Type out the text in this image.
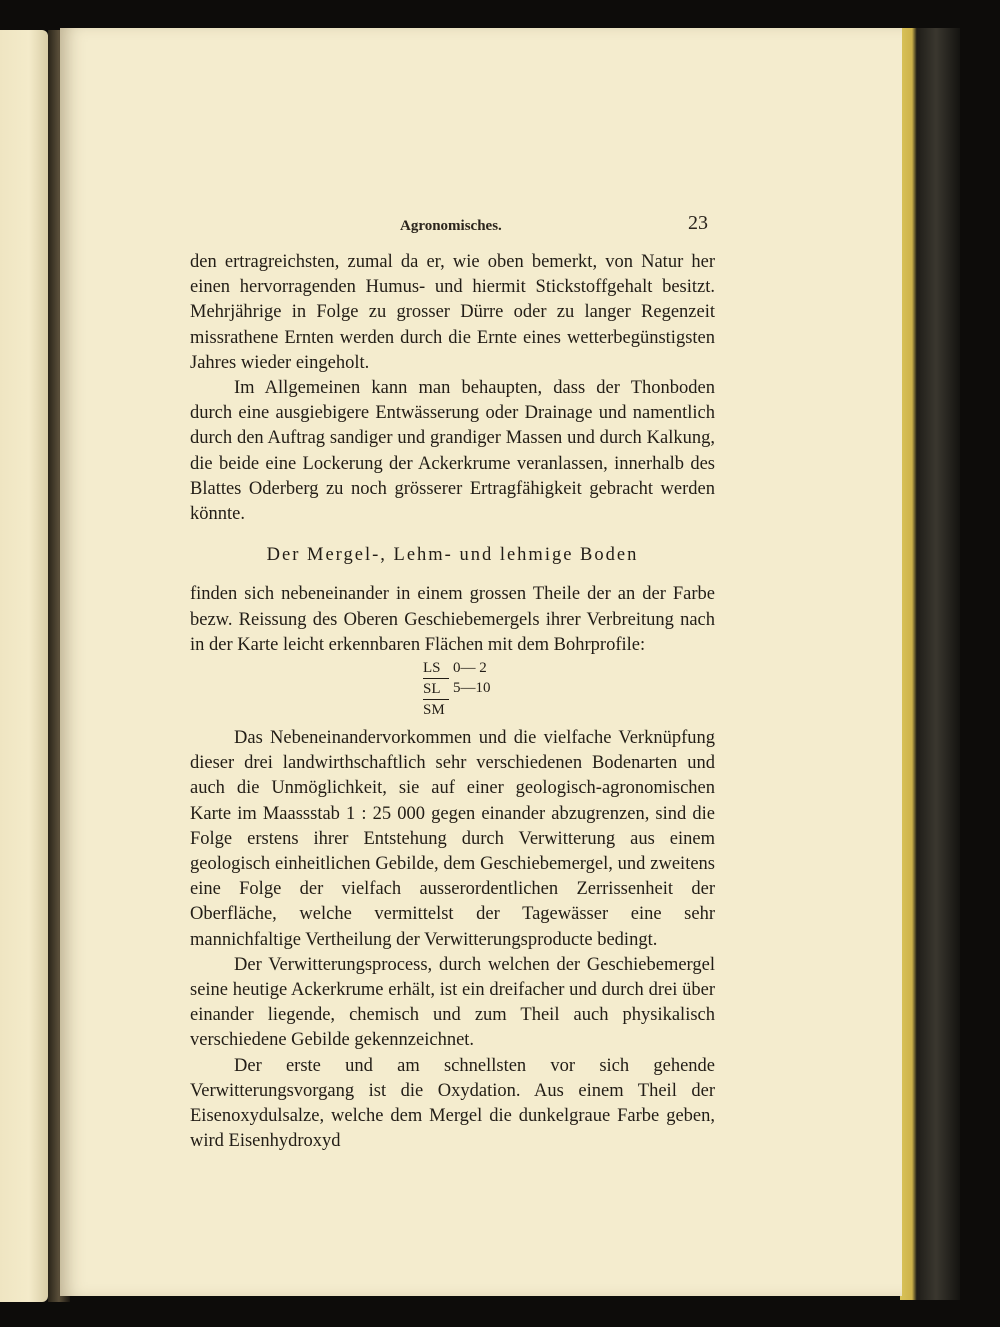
Agronomisches.	23

den ertragreichsten, zumal da er, wie oben bemerkt, von Natur her einen hervorragenden Humus- und hiermit Stickstoffgehalt besitzt. Mehrjährige in Folge zu grosser Dürre oder zu langer Regenzeit missrathene Ernten werden durch die Ernte eines wetterbegünstigsten Jahres wieder eingeholt.

Im Allgemeinen kann man behaupten, dass der Thonboden durch eine ausgiebigere Entwässerung oder Drainage und namentlich durch den Auftrag sandiger und grandiger Massen und durch Kalkung, die beide eine Lockerung der Ackerkrume veranlassen, innerhalb des Blattes Oderberg zu noch grösserer Ertragfähigkeit gebracht werden könnte.

Der Mergel-, Lehm- und lehmige Boden

finden sich nebeneinander in einem grossen Theile der an der Farbe bezw. Reissung des Oberen Geschiebemergels ihrer Verbreitung nach in der Karte leicht erkennbaren Flächen mit dem Bohrprofile:

LS 0— 2
SL 5—10
SM

Das Nebeneinandervorkommen und die vielfache Verknüpfung dieser drei landwirthschaftlich sehr verschiedenen Bodenarten und auch die Unmöglichkeit, sie auf einer geologisch-agronomischen Karte im Maassstab 1 : 25 000 gegen einander abzugrenzen, sind die Folge erstens ihrer Entstehung durch Verwitterung aus einem geologisch einheitlichen Gebilde, dem Geschiebemergel, und zweitens eine Folge der vielfach ausserordentlichen Zerrissenheit der Oberfläche, welche vermittelst der Tagewässer eine sehr mannichfaltige Vertheilung der Verwitterungsproducte bedingt.

Der Verwitterungsprocess, durch welchen der Geschiebemergel seine heutige Ackerkrume erhält, ist ein dreifacher und durch drei über einander liegende, chemisch und zum Theil auch physikalisch verschiedene Gebilde gekennzeichnet.

Der erste und am schnellsten vor sich gehende Verwitterungsvorgang ist die Oxydation. Aus einem Theil der Eisenoxydulsalze, welche dem Mergel die dunkelgraue Farbe geben, wird Eisenhydroxyd
